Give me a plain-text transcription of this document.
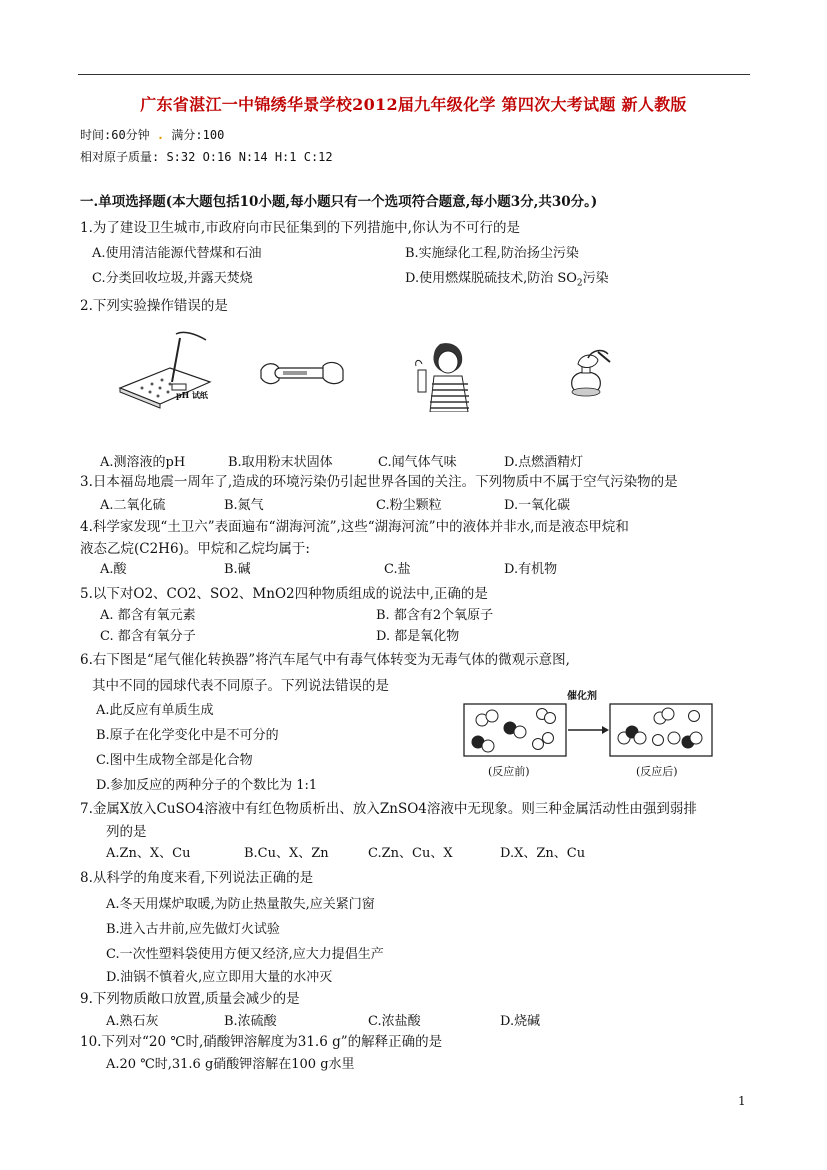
广东省湛江一中锦绣华景学校2012届九年级化学 第四次大考试题 新人教版
时间:60分钟 . 满分:100
相对原子质量: S:32 O:16 N:14 H:1 C:12
一.单项选择题(本大题包括10小题,每小题只有一个选项符合题意,每小题3分,共30分。)
1.为了建设卫生城市,市政府向市民征集到的下列措施中,你认为不可行的是
A.使用清洁能源代替煤和石油	B.实施绿化工程,防治扬尘污染
C.分类回收垃圾,并露天焚烧	D.使用燃煤脱硫技术,防治 $SO_2$污染
2.下列实验操作错误的是
pH 试纸
A.测溶液的pH	B.取用粉末状固体	C.闻气体气味	D.点燃酒精灯
3.日本福岛地震一周年了,造成的环境污染仍引起世界各国的关注。下列物质中不属于空气污染物的是
A.二氧化硫	B.氮气	C.粉尘颗粒	D.一氧化碳
4.科学家发现“土卫六”表面遍布“湖海河流”,这些“湖海河流”中的液体并非水,而是液态甲烷和
液态乙烷(C2H6)。甲烷和乙烷均属于:
A.酸	B.碱	C.盐	D.有机物
5.以下对O2、CO2、SO2、MnO2四种物质组成的说法中,正确的是
A. 都含有氧元素	B. 都含有2个氧原子
C. 都含有氧分子	D. 都是氧化物
6.右下图是“尾气催化转换器”将汽车尾气中有毒气体转变为无毒气体的微观示意图,
其中不同的园球代表不同原子。下列说法错误的是
A.此反应有单质生成
B.原子在化学变化中是不可分的
C.图中生成物全部是化合物
D.参加反应的两种分子的个数比为 1:1
催化剂
(反应前)	(反应后)
7.金属X放入CuSO4溶液中有红色物质析出、放入ZnSO4溶液中无现象。则三种金属活动性由强到弱排
列的是
A.Zn、X、Cu	B.Cu、X、Zn	C.Zn、Cu、X	D.X、Zn、Cu
8.从科学的角度来看,下列说法正确的是
A.冬天用煤炉取暖,为防止热量散失,应关紧门窗
B.进入古井前,应先做灯火试验
C.一次性塑料袋使用方便又经济,应大力提倡生产
D.油锅不慎着火,应立即用大量的水冲灭
9.下列物质敞口放置,质量会减少的是
A.熟石灰	B.浓硫酸	C.浓盐酸	D.烧碱
10.下列对“20 ℃时,硝酸钾溶解度为31.6 g”的解释正确的是
A.20 ℃时,31.6 g硝酸钾溶解在100 g水里
1
